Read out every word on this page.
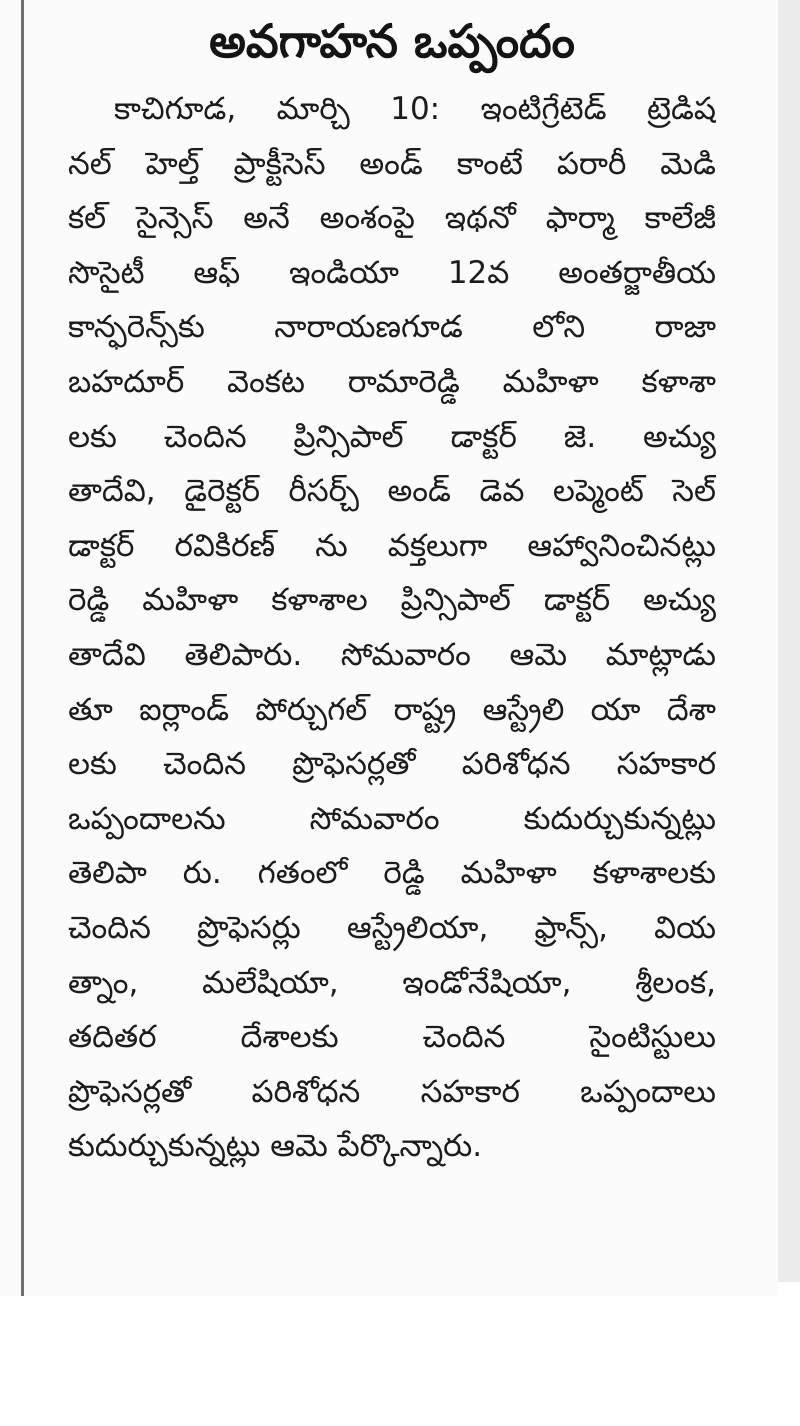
అవగాహన ఒప్పందం
కాచిగూడ, మార్చి 10: ఇంటిగ్రేటెడ్ ట్రెడిష
నల్ హెల్త్ ప్రాక్టీసెస్ అండ్ కాంటే పరారీ మెడి
కల్ సైన్సెస్ అనే అంశంపై ఇథనో ఫార్మా కాలేజీ
సొసైటీ ఆఫ్ ఇండియా 12వ అంతర్జాతీయ
కాన్ఫరెన్స్‌కు నారాయణగూడ లోని రాజా
బహదూర్ వెంకట రామారెడ్డి మహిళా కళాశా
లకు చెందిన ప్రిన్సిపాల్ డాక్టర్ జె. అచ్యు
తాదేవి, డైరెక్టర్ రీసర్చ్ అండ్ డెవ లప్మెంట్ సెల్
డాక్టర్ రవికిరణ్ ను వక్తలుగా ఆహ్వానించినట్లు
రెడ్డి మహిళా కళాశాల ప్రిన్సిపాల్ డాక్టర్ అచ్యు
తాదేవి తెలిపారు. సోమవారం ఆమె మాట్లాడు
తూ ఐర్లాండ్ పోర్చుగల్ రాష్ట్ర ఆస్ట్రేలి యా దేశా
లకు చెందిన ప్రొఫెసర్లతో పరిశోధన సహకార
ఒప్పందాలను సోమవారం కుదుర్చుకున్నట్లు
తెలిపా రు. గతంలో రెడ్డి మహిళా కళాశాలకు
చెందిన ప్రొఫెసర్లు ఆస్ట్రేలియా, ఫ్రాన్స్, వియ
త్నాం, మలేషియా, ఇండోనేషియా, శ్రీలంక,
తదితర దేశాలకు చెందిన సైంటిస్టులు
ప్రొఫెసర్లతో పరిశోధన సహకార ఒప్పందాలు
కుదుర్చుకున్నట్లు ఆమె పేర్కొన్నారు.
